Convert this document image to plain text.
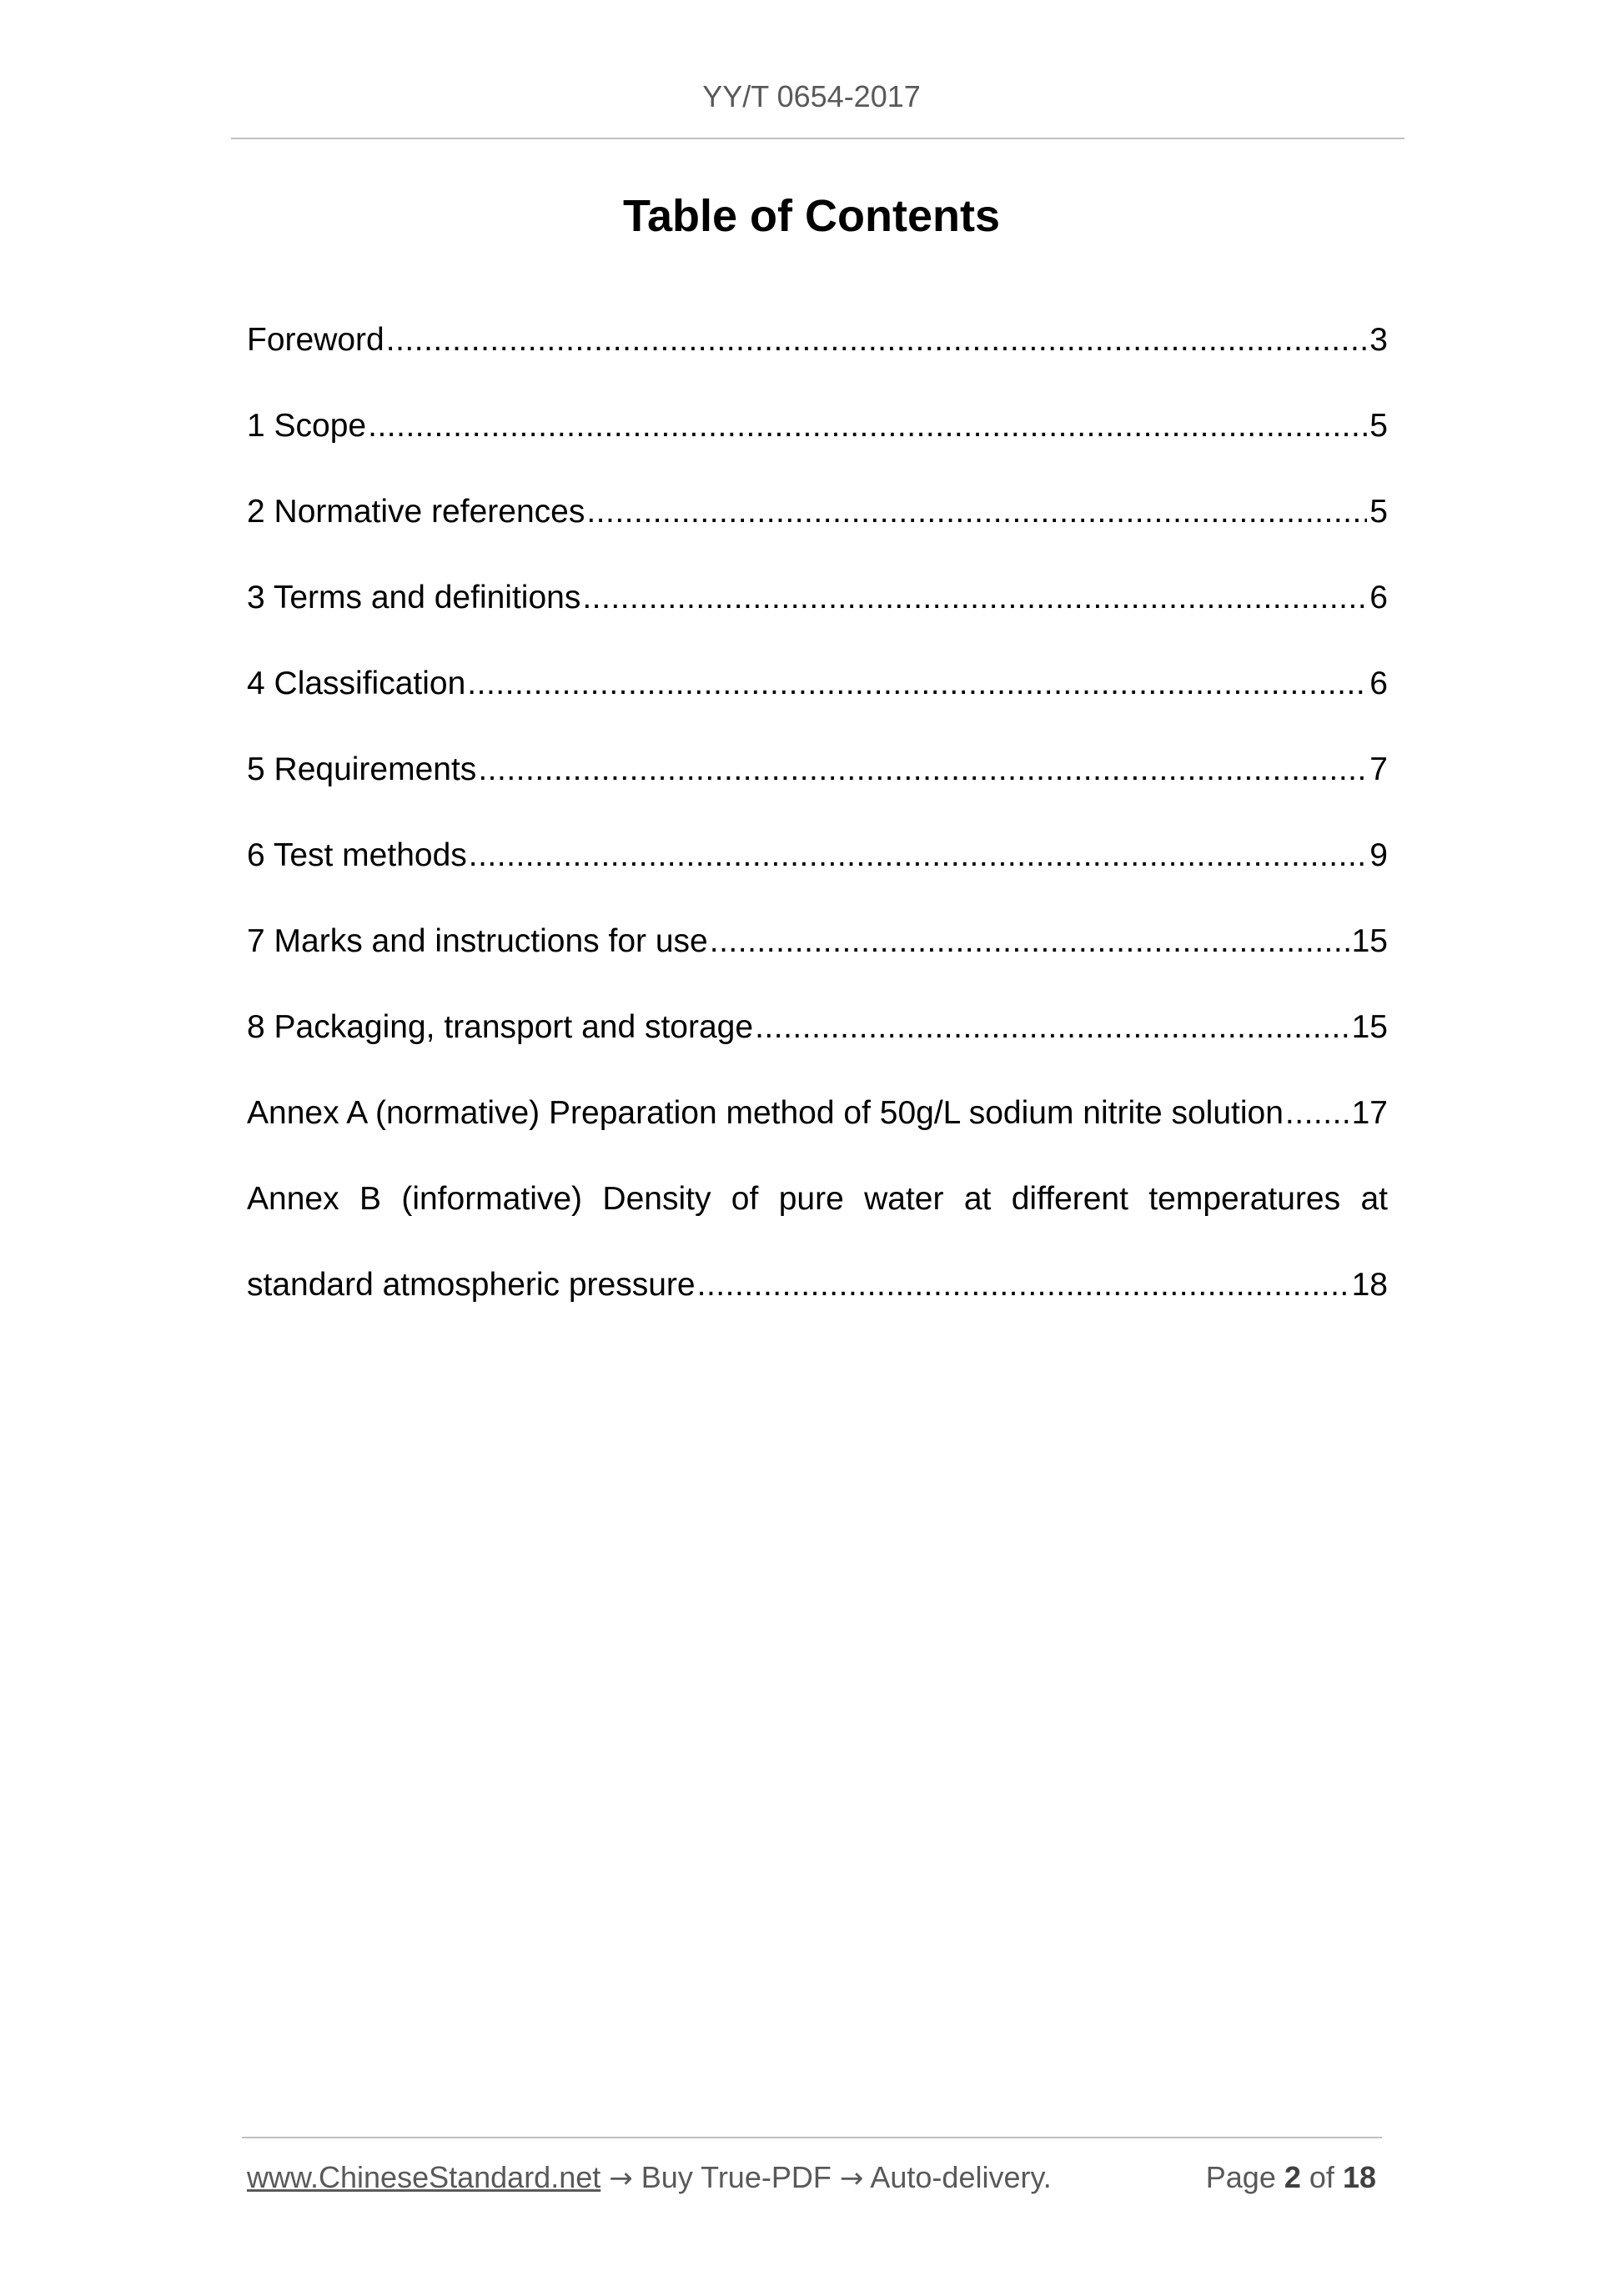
YY/T 0654-2017
Table of Contents
Foreword .....	3
1 Scope .....	5
2 Normative references .....	5
3 Terms and definitions .....	6
4 Classification .....	6
5 Requirements .....	7
6 Test methods .....	9
7 Marks and instructions for use .....	15
8 Packaging, transport and storage .....	15
Annex A (normative) Preparation method of 50g/L sodium nitrite solution ..... 17
Annex B (informative) Density of pure water at different temperatures at
standard atmospheric pressure .....	18
www.ChineseStandard.net → Buy True-PDF → Auto-delivery.	Page 2 of 18
